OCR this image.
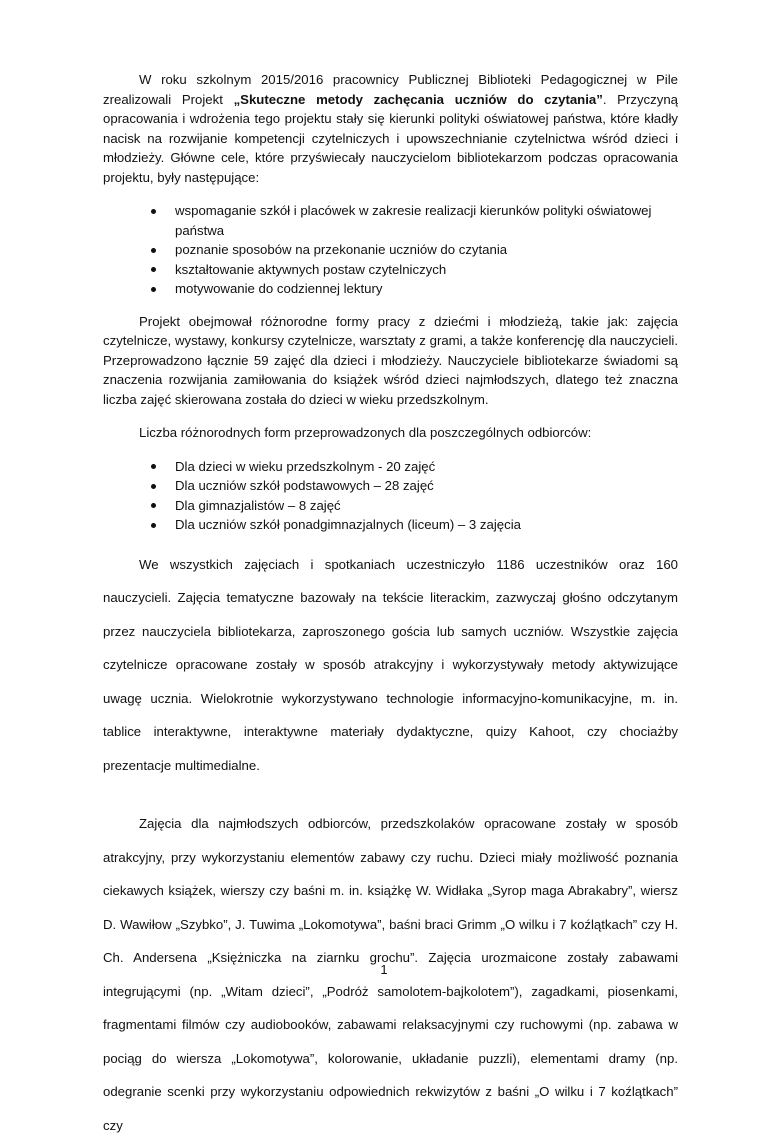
W roku szkolnym 2015/2016 pracownicy Publicznej Biblioteki Pedagogicznej w Pile zrealizowali Projekt „Skuteczne metody zachęcania uczniów do czytania”. Przyczyną opracowania i wdrożenia tego projektu stały się kierunki polityki oświatowej państwa, które kładły nacisk na rozwijanie kompetencji czytelniczych i upowszechnianie czytelnictwa wśród dzieci i młodzieży. Główne cele, które przyświecały nauczycielom bibliotekarzom podczas opracowania projektu, były następujące:

wspomaganie szkół i placówek w zakresie realizacji kierunków polityki oświatowej państwa
poznanie sposobów na przekonanie uczniów do czytania
kształtowanie aktywnych postaw czytelniczych
motywowanie do codziennej lektury

Projekt obejmował różnorodne formy pracy z dziećmi i młodzieżą, takie jak: zajęcia czytelnicze, wystawy, konkursy czytelnicze, warsztaty z grami, a także konferencję dla nauczycieli. Przeprowadzono łącznie 59 zajęć dla dzieci i młodzieży. Nauczyciele bibliotekarze świadomi są znaczenia rozwijania zamiłowania do książek wśród dzieci najmłodszych, dlatego też znaczna liczba zajęć skierowana została do dzieci w wieku przedszkolnym.

Liczba różnorodnych form przeprowadzonych dla poszczególnych odbiorców:

Dla dzieci w wieku przedszkolnym - 20 zajęć
Dla uczniów szkół podstawowych – 28 zajęć
Dla gimnazjalistów – 8 zajęć
Dla uczniów szkół ponadgimnazjalnych (liceum) – 3 zajęcia

We wszystkich zajęciach i spotkaniach uczestniczyło 1186 uczestników oraz 160 nauczycieli. Zajęcia tematyczne bazowały na tekście literackim, zazwyczaj głośno odczytanym przez nauczyciela bibliotekarza, zaproszonego gościa lub samych uczniów. Wszystkie zajęcia czytelnicze opracowane zostały w sposób atrakcyjny i wykorzystywały metody aktywizujące uwagę ucznia. Wielokrotnie wykorzystywano technologie informacyjno-komunikacyjne, m. in. tablice interaktywne, interaktywne materiały dydaktyczne, quizy Kahoot, czy chociażby prezentacje multimedialne.

Zajęcia dla najmłodszych odbiorców, przedszkolaków opracowane zostały w sposób atrakcyjny, przy wykorzystaniu elementów zabawy czy ruchu. Dzieci miały możliwość poznania ciekawych książek, wierszy czy baśni m. in. książkę W. Widłaka „Syrop maga Abrakabry”, wiersz D. Wawiłow „Szybko”, J. Tuwima „Lokomotywa”, baśni braci Grimm „O wilku i 7 koźlątkach” czy H. Ch. Andersena „Księżniczka na ziarnku grochu”. Zajęcia urozmaicone zostały zabawami integrującymi (np. „Witam dzieci”, „Podróż samolotem-bajkolotem”), zagadkami, piosenkami, fragmentami filmów czy audiobooków, zabawami relaksacyjnymi czy ruchowymi (np. zabawa w pociąg do wiersza „Lokomotywa”, kolorowanie, układanie puzzli), elementami dramy (np. odegranie scenki przy wykorzystaniu odpowiednich rekwizytów z baśni „O wilku i 7 koźlątkach” czy

1
